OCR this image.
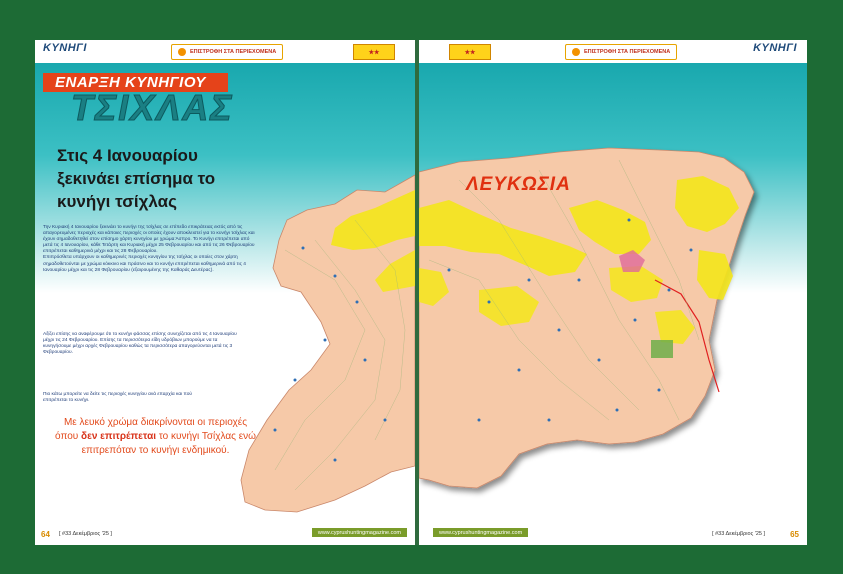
ΚΥΝΗΓΙ	ΕΠΙΣΤΡΟΦΗ ΣΤΑ ΠΕΡΙΕΧΟΜΕΝΑ	★★
ΕΝΑΡΞΗ ΚΥΝΗΓΙΟΥ
ΤΣΙΧΛΑΣ
Στις 4 Ιανουαρίου ξεκινάει επίσημα το κυνήγι τσίχλας
Την Κυριακή 4 Ιανουαρίου ξεκινάει το κυνήγι της τσίχλας σε επίπεδο επικράτειας εκτός από τις απαγορευμένες περιοχές και κάποιες περιοχές οι οποίες έχουν αποκλειστεί για το κυνήγι τσίχλας και έχουν σημαδοθετηθεί στον επίσημο χάρτη κυνηγίου με χρώμα Άσπρο. Το Κυνήγι επιτρέπεται από μετά τις 4 Ιανουαρίου, κάθε Τετάρτη και Κυριακή μέχρι 25 Φεβρουαρίου και από τις 26 Φεβρουαρίου επιτρέπεται καθημερινά μέχρι και τις 28 Φεβρουαρίου.
Επιπρόσθετα υπάρχουν οι καθημερινές περιοχές κυνηγίου της τσίχλας οι οποίες στον χάρτη σημαδοθετούνται με χρώμα κόκκινο και πράσινο και το κυνήγι επιτρέπεται καθημερινά από τις 4 Ιανουαρίου μέχρι και τις 28 Φεβρουαρίου (εξαιρουμένης της Καθαράς Δευτέρας).
Αξίζει επίσης να αναφέρουμε ότι το κυνήγι φάσσας επίσης συνεχίζεται από τις 4 Ιανουαρίου μέχρι τις 24 Φεβρουαρίου. Επίσης τα περισσότερα είδη υδρόβιων μπορούμε να τα κυνηγήσουμε μέχρι αρχές Φεβρουαρίου καθώς τα περισσότερα απαγορεύονται μετά τις 3 Φεβρουαρίου.
Πιο κάτω μπορείτε να δείτε τις περιοχές κυνηγίου ανά επαρχία και πού επιτρέπεται το κυνήγι.
Με λευκό χρώμα διακρίνονται οι περιοχές όπου δεν επιτρέπεται το κυνήγι Τσίχλας ενώ επιτρεπόταν το κυνήγι ενδημικού.
64 [ #33 Δεκέμβριος '25 ]	www.cyprushuntingmagazine.com
★★	ΕΠΙΣΤΡΟΦΗ ΣΤΑ ΠΕΡΙΕΧΟΜΕΝΑ	ΚΥΝΗΓΙ
ΛΕΥΚΩΣΙΑ
www.cyprushuntingmagazine.com	[ #33 Δεκέμβριος '25 ]	65
